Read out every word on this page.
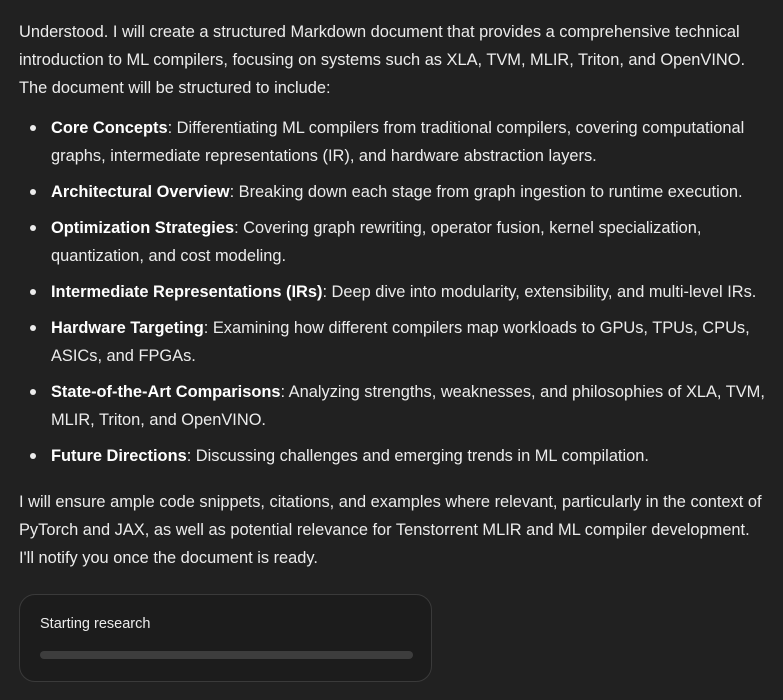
Understood. I will create a structured Markdown document that provides a comprehensive technical introduction to ML compilers, focusing on systems such as XLA, TVM, MLIR, Triton, and OpenVINO. The document will be structured to include:

Core Concepts: Differentiating ML compilers from traditional compilers, covering computational graphs, intermediate representations (IR), and hardware abstraction layers.
Architectural Overview: Breaking down each stage from graph ingestion to runtime execution.
Optimization Strategies: Covering graph rewriting, operator fusion, kernel specialization, quantization, and cost modeling.
Intermediate Representations (IRs): Deep dive into modularity, extensibility, and multi-level IRs.
Hardware Targeting: Examining how different compilers map workloads to GPUs, TPUs, CPUs, ASICs, and FPGAs.
State-of-the-Art Comparisons: Analyzing strengths, weaknesses, and philosophies of XLA, TVM, MLIR, Triton, and OpenVINO.
Future Directions: Discussing challenges and emerging trends in ML compilation.

I will ensure ample code snippets, citations, and examples where relevant, particularly in the context of PyTorch and JAX, as well as potential relevance for Tenstorrent MLIR and ML compiler development. I'll notify you once the document is ready.

Starting research
